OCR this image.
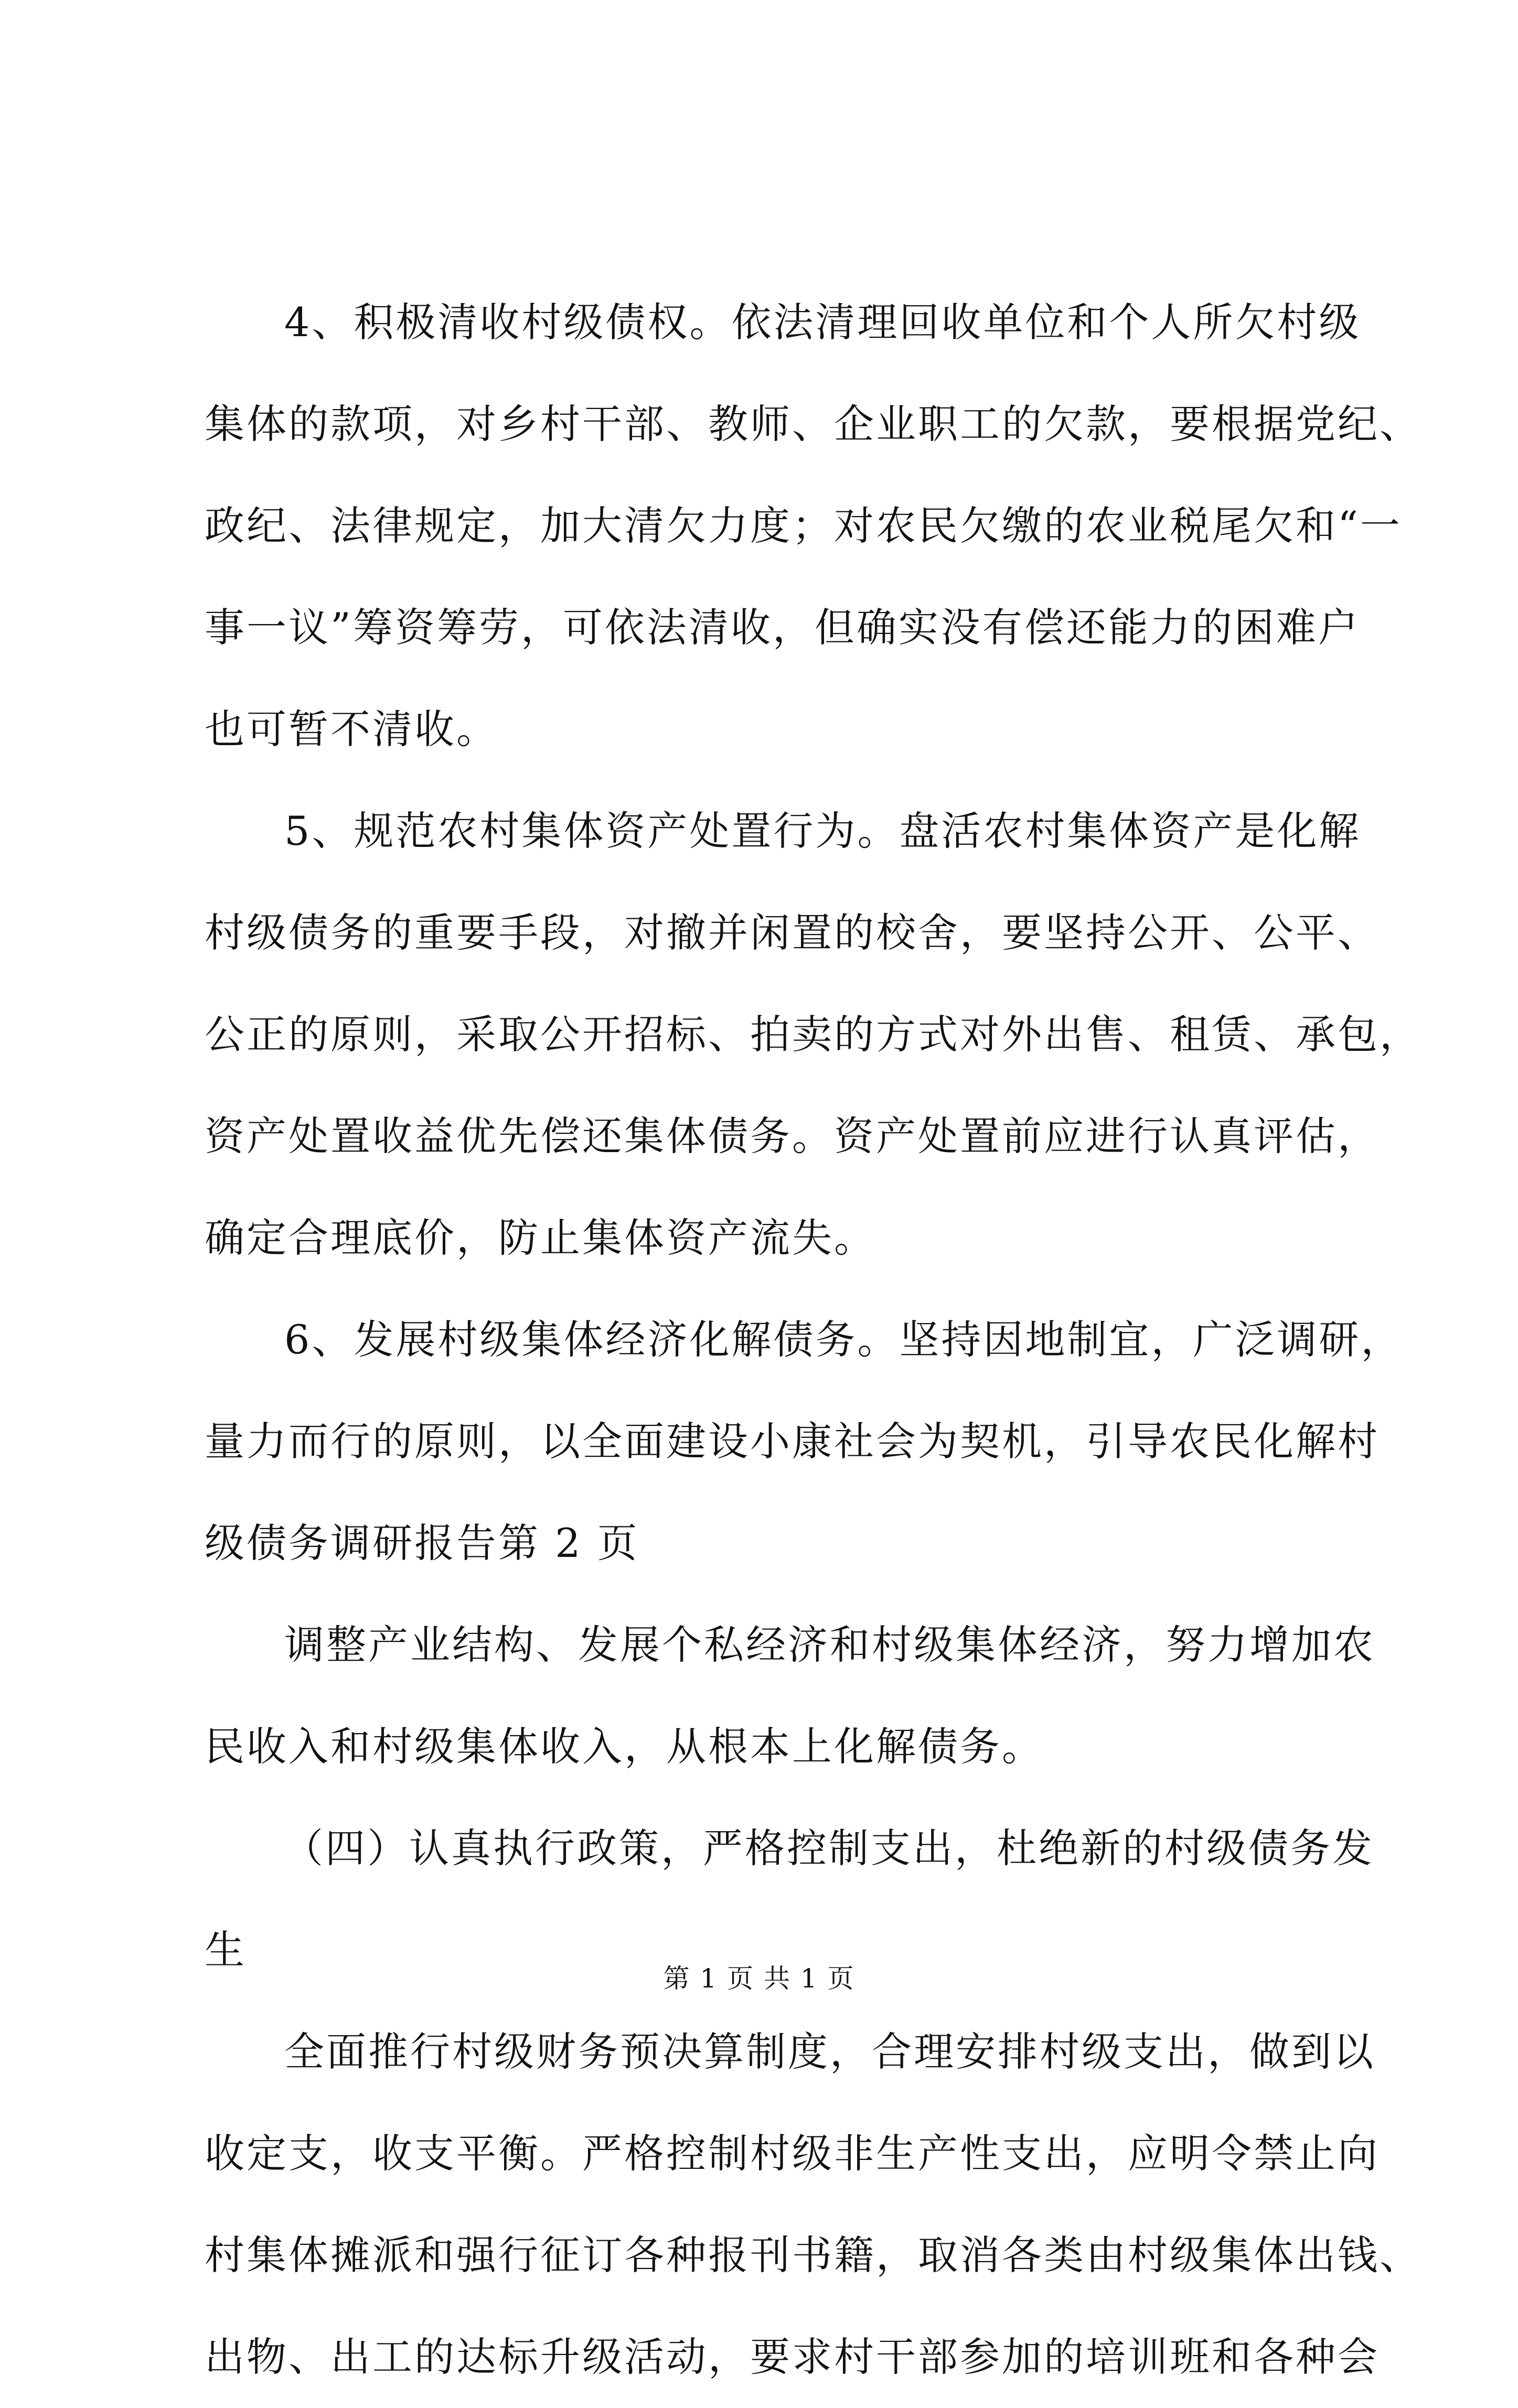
4、积极清收村级债权。依法清理回收单位和个人所欠村级
集体的款项，对乡村干部、教师、企业职工的欠款，要根据党纪、
政纪、法律规定，加大清欠力度；对农民欠缴的农业税尾欠和“一
事一议”筹资筹劳，可依法清收，但确实没有偿还能力的困难户
也可暂不清收。
5、规范农村集体资产处置行为。盘活农村集体资产是化解
村级债务的重要手段，对撤并闲置的校舍，要坚持公开、公平、
公正的原则，采取公开招标、拍卖的方式对外出售、租赁、承包，
资产处置收益优先偿还集体债务。资产处置前应进行认真评估，
确定合理底价，防止集体资产流失。
6、发展村级集体经济化解债务。坚持因地制宜，广泛调研，
量力而行的原则，以全面建设小康社会为契机，引导农民化解村
级债务调研报告第 2 页
调整产业结构、发展个私经济和村级集体经济，努力增加农
民收入和村级集体收入，从根本上化解债务。
（四）认真执行政策，严格控制支出，杜绝新的村级债务发
生
全面推行村级财务预决算制度，合理安排村级支出，做到以
收定支，收支平衡。严格控制村级非生产性支出，应明令禁止向
村集体摊派和强行征订各种报刊书籍，取消各类由村级集体出钱、
出物、出工的达标升级活动，要求村干部参加的培训班和各种会
第 1 页 共 1 页
